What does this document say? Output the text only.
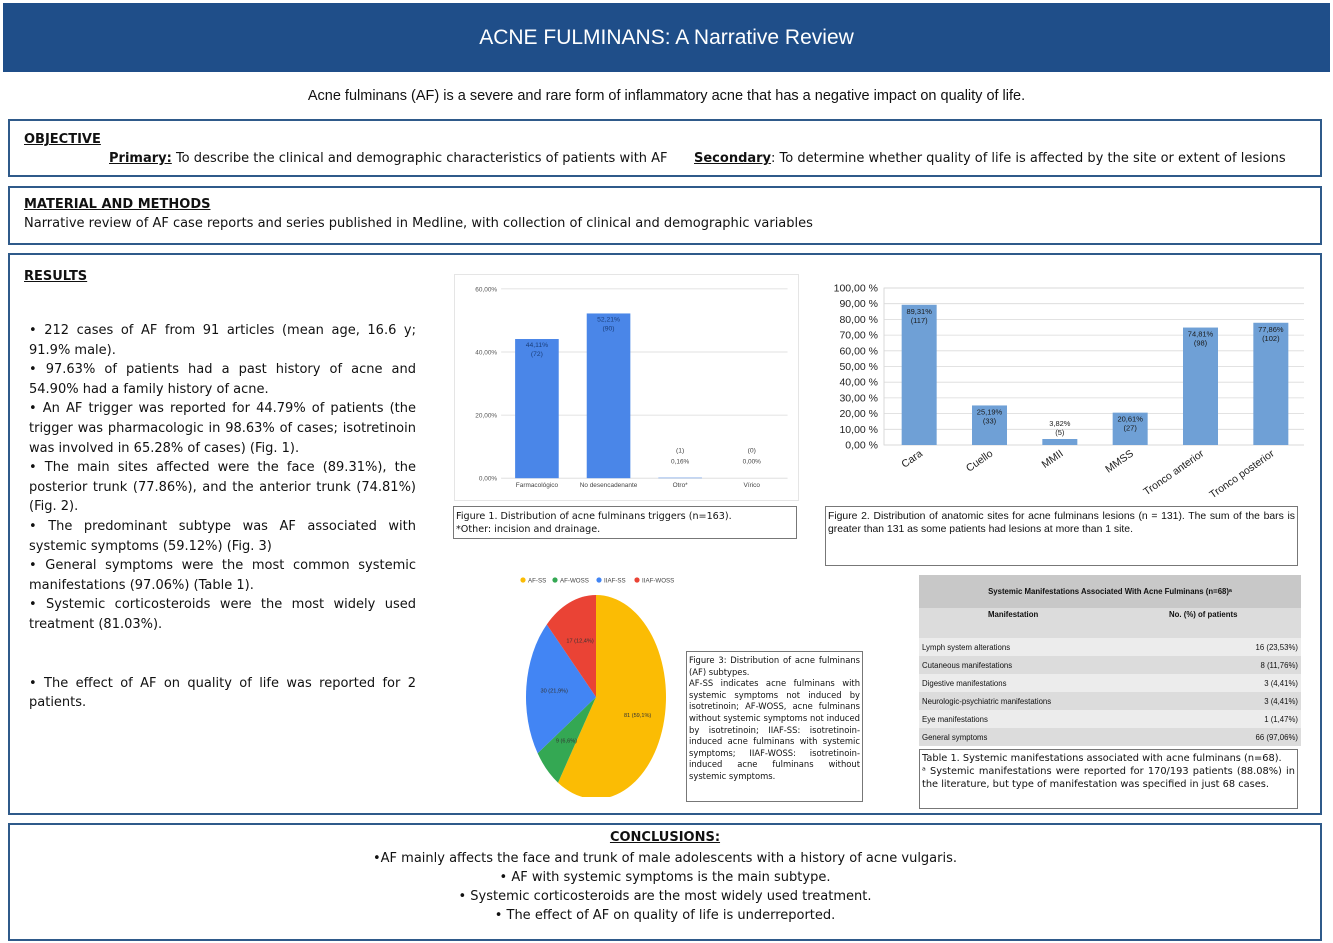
ACNE FULMINANS: A Narrative Review
Acne fulminans (AF) is a severe and rare form of inflammatory acne that has a negative impact on quality of life.
OBJECTIVE
Primary: To describe the clinical and demographic characteristics of patients with AF Secondary: To determine whether quality of life is affected by the site or extent of lesions
MATERIAL AND METHODS
Narrative review of AF case reports and series published in Medline, with collection of clinical and demographic variables
RESULTS

• 212 cases of AF from 91 articles (mean age, 16.6 y; 91.9% male).

• 97.63% of patients had a past history of acne and 54.90% had a family history of acne.

• An AF trigger was reported for 44.79% of patients (the trigger was pharmacologic in 98.63% of cases; isotretinoin was involved in 65.28% of cases) (Fig. 1).

• The main sites affected were the face (89.31%), the posterior trunk (77.86%), and the anterior trunk (74.81%) (Fig. 2).

• The predominant subtype was AF associated with systemic symptoms (59.12%) (Fig. 3)

• General symptoms were the most common systemic manifestations (97.06%) (Table 1).

• Systemic corticosteroids were the most widely used treatment (81.03%).

• The effect of AF on quality of life was reported for 2 patients.

0,00%
20,00%
40,00%
60,00%
44,11%
(72)
Farmacológico
52,21%
(90)
No desencadenante
(1)
0,16%
Otro*
(0)
0,00%
Vírico
Figure 1. Distribution of acne fulminans triggers (n=163).
*Other: incision and drainage.
0,00 %
10,00 %
20,00 %
30,00 %
40,00 %
50,00 %
60,00 %
70,00 %
80,00 %
90,00 %
100,00 %
89,31%
(117)
Cara
25,19%
(33)
Cuello
3,82%
(5)
MMII
20,61%
(27)
MMSS
74,81%
(98)
Tronco anterior
77,86%
(102)
Tronco posterior
Figure 2. Distribution of anatomic sites for acne fulminans lesions (n = 131). The sum of the bars is greater than 131 as some patients had lesions at more than 1 site.
AF-SS AF-WOSS IIAF-SS	IIAF-WOSS
81 (59,1%)
9 (6,6%)
30 (21,9%)
17 (12,4%)
Figure 3: Distribution of acne fulminans (AF) subtypes.
AF-SS indicates acne fulminans with systemic symptoms not induced by isotretinoin; AF-WOSS, acne fulminans without systemic symptoms not induced by isotretinoin; IIAF-SS: isotretinoin-induced acne fulminans with systemic symptoms; IIAF-WOSS: isotretinoin-induced acne fulminans without systemic symptoms.
Systemic Manifestations Associated With Acne Fulminans (n=68)ᵃ
Manifestation	No. (%) of patients
Lymph system alterations	16 (23,53%)
Cutaneous manifestations	8 (11,76%)
Digestive manifestations	3 (4,41%)
Neurologic-psychiatric manifestations	3 (4,41%)
Eye manifestations	1 (1,47%)
General symptoms	66 (97,06%)
Table 1. Systemic manifestations associated with acne fulminans (n=68).
ᵃ Systemic manifestations were reported for 170/193 patients (88.08%) in the literature, but type of manifestation was specified in just 68 cases.
CONCLUSIONS:
•AF mainly affects the face and trunk of male adolescents with a history of acne vulgaris.
• AF with systemic symptoms is the main subtype.
• Systemic corticosteroids are the most widely used treatment.
• The effect of AF on quality of life is underreported.
